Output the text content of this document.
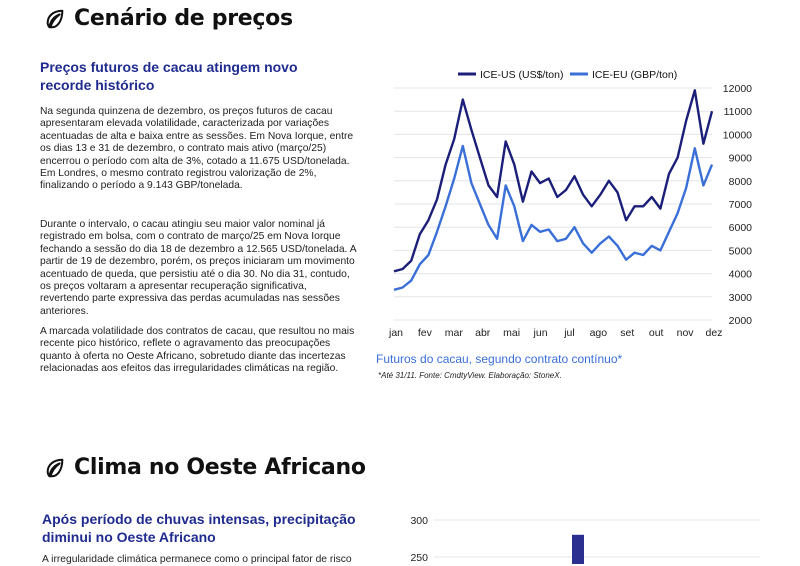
Cenário de preços
Preços futuros de cacau atingem novo recorde histórico
Na segunda quinzena de dezembro, os preços futuros de cacau apresentaram elevada volatilidade, caracterizada por variações acentuadas de alta e baixa entre as sessões. Em Nova Iorque, entre os dias 13 e 31 de dezembro, o contrato mais ativo (março/25) encerrou o período com alta de 3%, cotado a 11.675 USD/tonelada. Em Londres, o mesmo contrato registrou valorização de 2%, finalizando o período a 9.143 GBP/tonelada.
Durante o intervalo, o cacau atingiu seu maior valor nominal já registrado em bolsa, com o contrato de março/25 em Nova Iorque fechando a sessão do dia 18 de dezembro a 12.565 USD/tonelada. A partir de 19 de dezembro, porém, os preços iniciaram um movimento acentuado de queda, que persistiu até o dia 30. No dia 31, contudo, os preços voltaram a apresentar recuperação significativa, revertendo parte expressiva das perdas acumuladas nas sessões anteriores.
A marcada volatilidade dos contratos de cacau, que resultou no mais recente pico histórico, reflete o agravamento das preocupações quanto à oferta no Oeste Africano, sobretudo diante das incertezas relacionadas aos efeitos das irregularidades climáticas na região.
2000
3000
4000
5000
6000
7000
8000
9000
10000
11000
12000
jan fev mar abr mai jun jul ago set out nov dez
ICE-US (US$/ton)	ICE-EU (GBP/ton)
Futuros do cacau, segundo contrato contínuo*
*Até 31/11. Fonte: CmdtyView. Elaboração: StoneX.
Clima no Oeste Africano
Após período de chuvas intensas, precipitação diminui no Oeste Africano
A irregularidade climática permanece como o principal fator de risco	250
300
